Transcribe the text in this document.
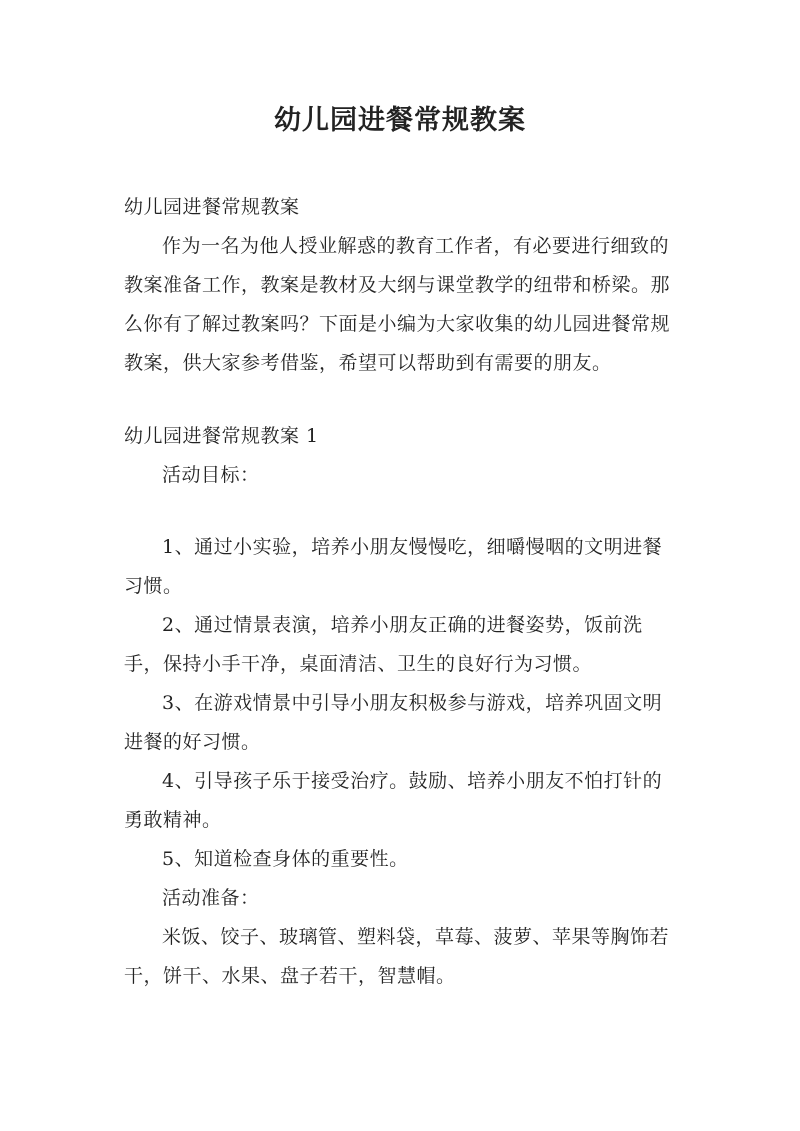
幼儿园进餐常规教案

幼儿园进餐常规教案

作为一名为他人授业解惑的教育工作者，有必要进行细致的教案准备工作，教案是教材及大纲与课堂教学的纽带和桥梁。那么你有了解过教案吗？下面是小编为大家收集的幼儿园进餐常规教案，供大家参考借鉴，希望可以帮助到有需要的朋友。

幼儿园进餐常规教案 1

活动目标：

1、通过小实验，培养小朋友慢慢吃，细嚼慢咽的文明进餐习惯。

2、通过情景表演，培养小朋友正确的进餐姿势，饭前洗手，保持小手干净，桌面清洁、卫生的良好行为习惯。

3、在游戏情景中引导小朋友积极参与游戏，培养巩固文明进餐的好习惯。

4、引导孩子乐于接受治疗。鼓励、培养小朋友不怕打针的勇敢精神。

5、知道检查身体的重要性。

活动准备：

米饭、饺子、玻璃管、塑料袋，草莓、菠萝、苹果等胸饰若干，饼干、水果、盘子若干，智慧帽。
